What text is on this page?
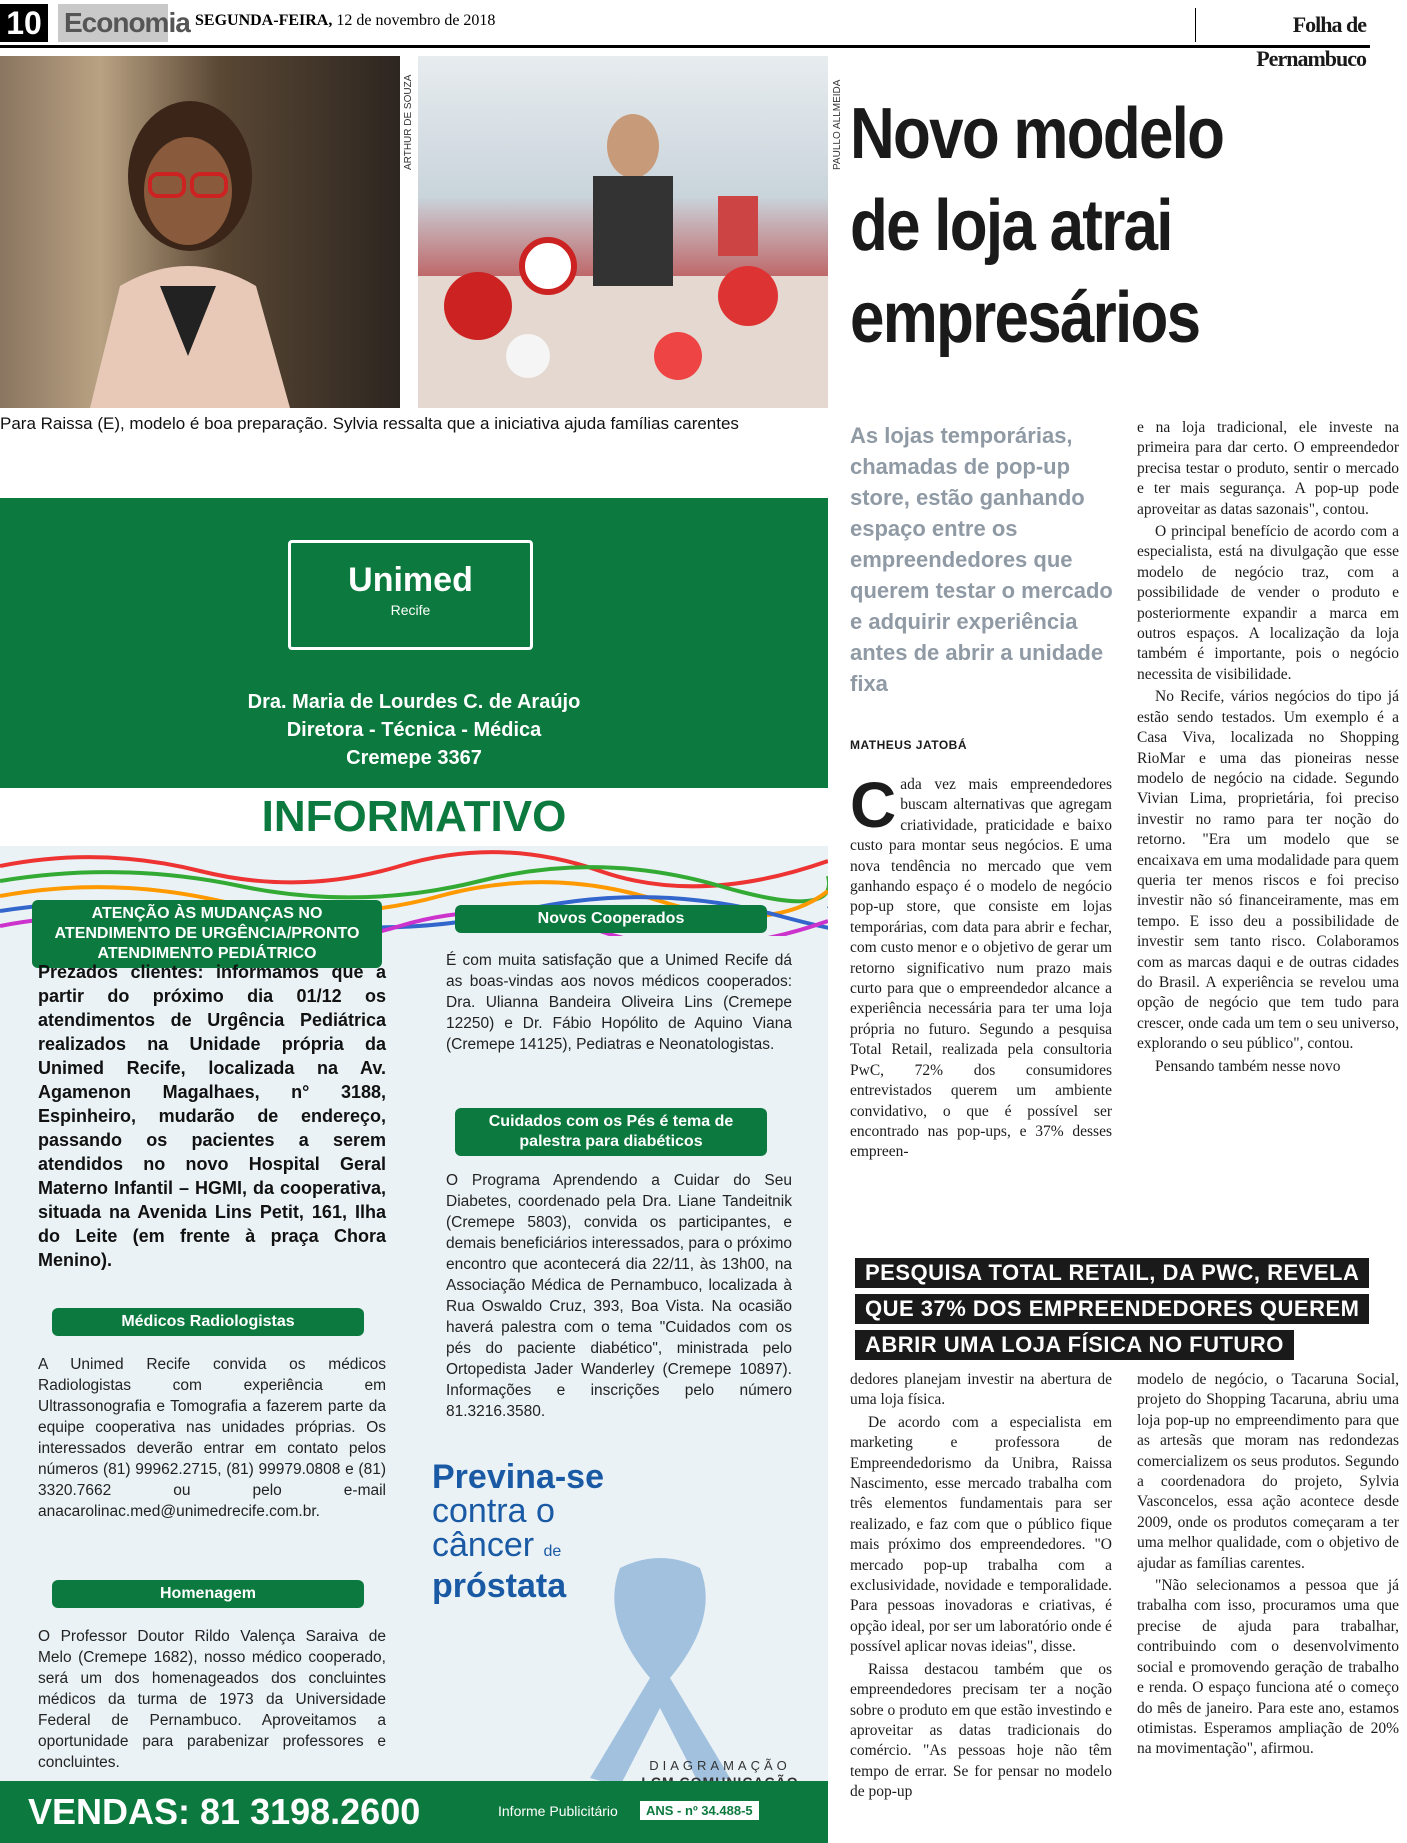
10 Economia SEGUNDA-FEIRA, 12 de novembro de 2018	Folha de Pernambuco
ARTHUR DE SOUZA	PAULLO ALLMEIDA
Para Raissa (E), modelo é boa preparação. Sylvia ressalta que a iniciativa ajuda famílias carentes
Novo modelo
de loja atrai
empresários
As lojas temporárias, chamadas de pop-up store, estão ganhando espaço entre os empreendedores que querem testar o mercado e adquirir experiência antes de abrir a unidade fixa
MATHEUS JATOBÁ
C ada vez mais empreendedores buscam alternativas que agregam criatividade, praticidade e baixo custo para montar seus negócios. E uma nova tendência no mercado que vem ganhando espaço é o modelo de negócio pop-up store, que consiste em lojas temporárias, com data para abrir e fechar, com custo menor e o objetivo de gerar um retorno significativo num prazo mais curto para que o empreendedor alcance a experiência necessária para ter uma loja própria no futuro. Segundo a pesquisa Total Retail, realizada pela consultoria PwC, 72% dos consumidores entrevistados querem um ambiente convidativo, o que é possível ser encontrado nas pop-ups, e 37% desses empreen-

e na loja tradicional, ele investe na primeira para dar certo. O empreendedor precisa testar o produto, sentir o mercado e ter mais segurança. A pop-up pode aproveitar as datas sazonais", contou.

O principal benefício de acordo com a especialista, está na divulgação que esse modelo de negócio traz, com a possibilidade de vender o produto e posteriormente expandir a marca em outros espaços. A localização da loja também é importante, pois o negócio necessita de visibilidade.

No Recife, vários negócios do tipo já estão sendo testados. Um exemplo é a Casa Viva, localizada no Shopping RioMar e uma das pioneiras nesse modelo de negócio na cidade. Segundo Vivian Lima, proprietária, foi preciso investir no ramo para ter noção do retorno. "Era um modelo que se encaixava em uma modalidade para quem queria ter menos riscos e foi preciso investir não só financeiramente, mas em tempo. E isso deu a possibilidade de investir sem tanto risco. Colaboramos com as marcas daqui e de outras cidades do Brasil. A experiência se revelou uma opção de negócio que tem tudo para crescer, onde cada um tem o seu universo, explorando o seu público", contou.

Pensando também nesse novo

PESQUISA TOTAL RETAIL, DA PWC, REVELA
QUE 37% DOS EMPREENDEDORES QUEREM
ABRIR UMA LOJA FÍSICA NO FUTURO

dedores planejam investir na abertura de uma loja física.

De acordo com a especialista em marketing e professora de Empreendedorismo da Unibra, Raissa Nascimento, esse mercado trabalha com três elementos fundamentais para ser realizado, e faz com que o público fique mais próximo dos empreendedores. "O mercado pop-up trabalha com a exclusividade, novidade e temporalidade. Para pessoas inovadoras e criativas, é opção ideal, por ser um laboratório onde é possível aplicar novas ideias", disse.

Raissa destacou também que os empreendedores precisam ter a noção sobre o produto em que estão investindo e aproveitar as datas tradicionais do comércio. "As pessoas hoje não têm tempo de errar. Se for pensar no modelo de pop-up

modelo de negócio, o Tacaruna Social, projeto do Shopping Tacaruna, abriu uma loja pop-up no empreendimento para que as artesãs que moram nas redondezas comercializem os seus produtos. Segundo a coordenadora do projeto, Sylvia Vasconcelos, essa ação acontece desde 2009, onde os produtos começaram a ter uma melhor qualidade, com o objetivo de ajudar as famílias carentes.

"Não selecionamos a pessoa que já trabalha com isso, procuramos uma que precise de ajuda para trabalhar, contribuindo com o desenvolvimento social e promovendo geração de trabalho e renda. O espaço funciona até o começo do mês de janeiro. Para este ano, estamos otimistas. Esperamos ampliação de 20% na movimentação", afirmou.

Unimed
Recife
Dra. Maria de Lourdes C. de Araújo
Diretora - Técnica - Médica
Cremepe 3367
INFORMATIVO
ATENÇÃO ÀS MUDANÇAS NO ATENDIMENTO DE URGÊNCIA/PRONTO ATENDIMENTO PEDIÁTRICO
Prezados clientes: informamos que a partir do próximo dia 01/12 os atendimentos de Urgência Pediátrica realizados na Unidade própria da Unimed Recife, localizada na Av. Agamenon Magalhaes, n° 3188, Espinheiro, mudarão de endereço, passando os pacientes a serem atendidos no novo Hospital Geral Materno Infantil – HGMI, da cooperativa, situada na Avenida Lins Petit, 161, Ilha do Leite (em frente à praça Chora Menino).
Médicos Radiologistas
A Unimed Recife convida os médicos Radiologistas com experiência em Ultrassonografia e Tomografia a fazerem parte da equipe cooperativa nas unidades próprias. Os interessados deverão entrar em contato pelos números (81) 99962.2715, (81) 99979.0808 e (81) 3320.7662 ou pelo e-mail anacarolinac.med@unimedrecife.com.br.
Homenagem
O Professor Doutor Rildo Valença Saraiva de Melo (Cremepe 1682), nosso médico cooperado, será um dos homenageados dos concluintes médicos da turma de 1973 da Universidade Federal de Pernambuco. Aproveitamos a oportunidade para parabenizar professores e concluintes.
Novos Cooperados
É com muita satisfação que a Unimed Recife dá as boas-vindas aos novos médicos cooperados: Dra. Ulianna Bandeira Oliveira Lins (Cremepe 12250) e Dr. Fábio Hopólito de Aquino Viana (Cremepe 14125), Pediatras e Neonatologistas.
Cuidados com os Pés é tema de palestra para diabéticos
O Programa Aprendendo a Cuidar do Seu Diabetes, coordenado pela Dra. Liane Tandeitnik (Cremepe 5803), convida os participantes, e demais beneficiários interessados, para o próximo encontro que acontecerá dia 22/11, às 13h00, na Associação Médica de Pernambuco, localizada à Rua Oswaldo Cruz, 393, Boa Vista. Na ocasião haverá palestra com o tema "Cuidados com os pés do paciente diabético", ministrada pelo Ortopedista Jader Wanderley (Cremepe 10897). Informações e inscrições pelo número 81.3216.3580.
Previna-se
contra o
câncer de
próstata
DIAGRAMAÇÃO
VENDAS: 81 3198.2600	Informe Publicitário	ANS - nº 34.488-5
